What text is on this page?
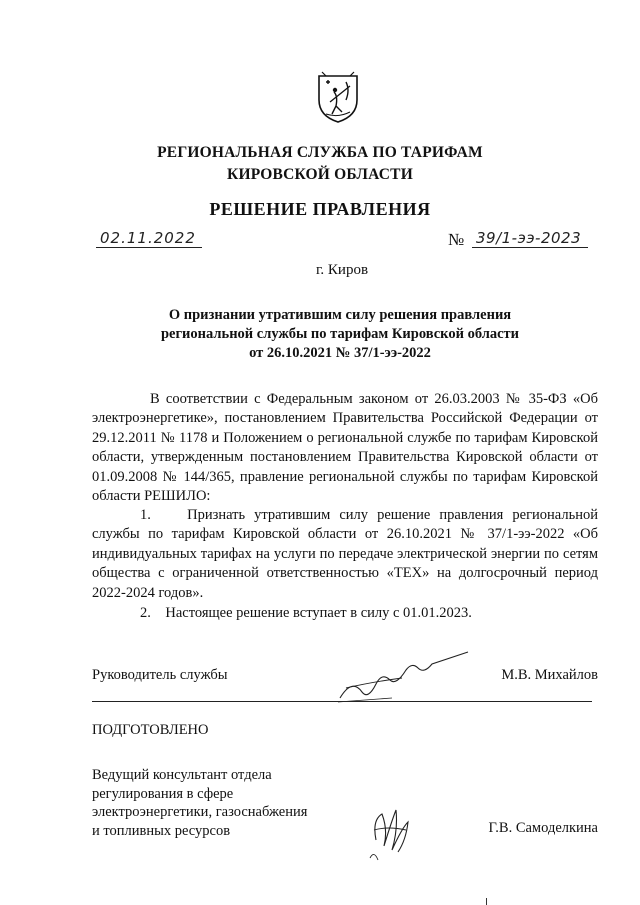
РЕГИОНАЛЬНАЯ СЛУЖБА ПО ТАРИФАМ
КИРОВСКОЙ ОБЛАСТИ
РЕШЕНИЕ ПРАВЛЕНИЯ
02.11.2022	№ 39/1-ээ-2023
г. Киров
О признании утратившим силу решения правления
региональной службы по тарифам Кировской области
от 26.10.2021 № 37/1-ээ-2022
В соответствии с Федеральным законом от 26.03.2003 № 35-ФЗ «Об электроэнергетике», постановлением Правительства Российской Федерации от 29.12.2011 № 1178 и Положением о региональной службе по тарифам Кировской области, утвержденным постановлением Правительства Кировской области от 01.09.2008 № 144/365, правление региональной службы по тарифам Кировской области РЕШИЛО:
1.    Признать утратившим силу решение правления региональной службы по тарифам Кировской области от 26.10.2021 № 37/1-ээ-2022 «Об индивидуальных тарифах на услуги по передаче электрической энергии по сетям общества с ограниченной ответственностью «ТЕХ» на долгосрочный период 2022-2024 годов».
2.    Настоящее решение вступает в силу с 01.01.2023.
Руководитель службы	М.В. Михайлов
ПОДГОТОВЛЕНО
Ведущий консультант отдела
регулирования в сфере
электроэнергетики, газоснабжения
и топливных ресурсов	Г.В. Самоделкина
